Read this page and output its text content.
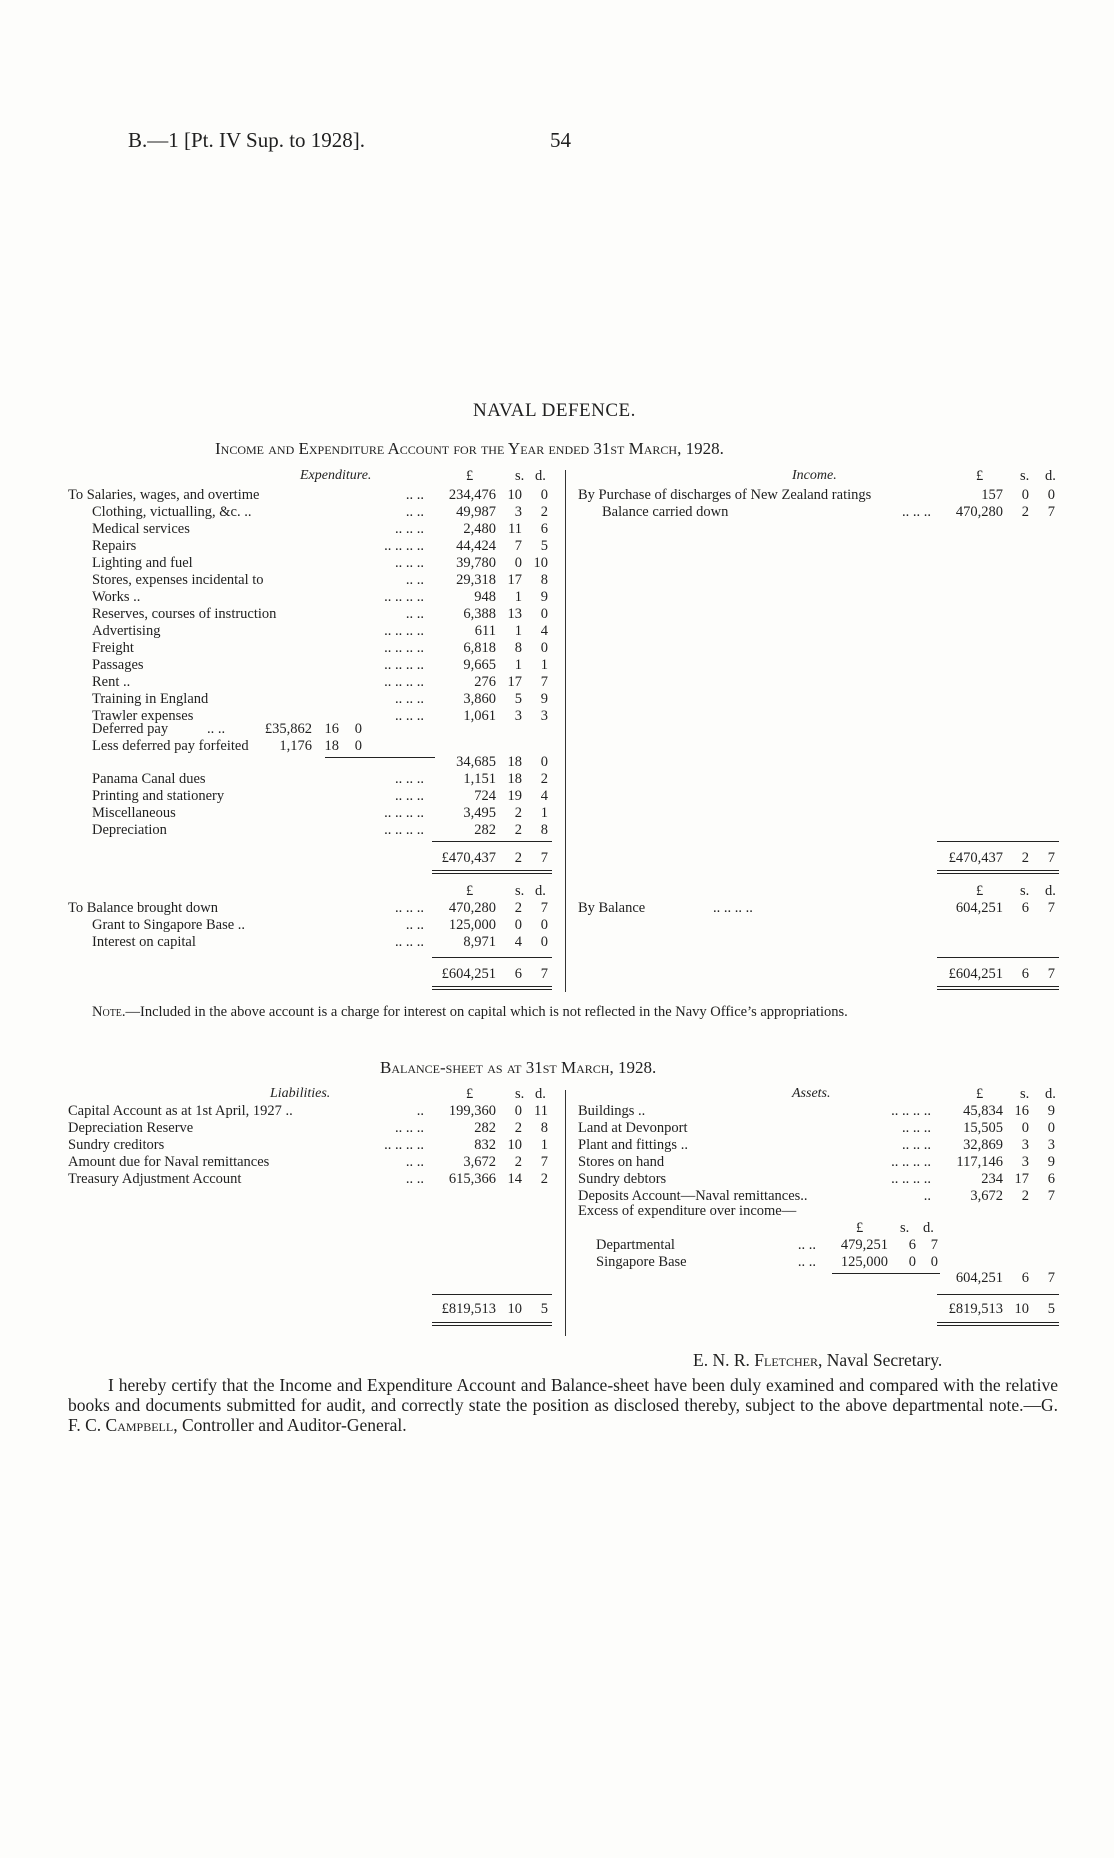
B.—1 [Pt. IV Sup. to 1928].	54
NAVAL DEFENCE.
Income and Expenditure Account for the Year ended 31st March, 1928.
Expenditure.	£	s. d.	Income.	£	s. d.
To Salaries, wages, and overtime	.. .. 234,476 10 0
Clothing, victualling, &c. ..	.. .. 49,987 3 2
Medical services	.. .. ..	2,480 11 6
Repairs	.. .. .. .. 44,424 7 5
Lighting and fuel	.. .. .. 39,780 0 10
Stores, expenses incidental to	.. .. 29,318 17 8
Works ..	.. .. .. ..	948 1 9
Reserves, courses of instruction	.. ..	6,388 13 0
Advertising	.. .. .. ..	611 1 4
Freight	.. .. .. ..	6,818 8 0
Passages	.. .. .. ..	9,665 1 1
Rent ..	.. .. .. ..	276 17 7
Training in England	.. .. ..	3,860 5 9
Trawler expenses	.. .. ..	1,061 3 3
By Purchase of discharges of New Zealand ratings	157 0 0
Balance carried down	.. .. .. 470,280 2 7
Deferred pay	.. ..	£35,862 16 0
Less deferred pay forfeited 1,176 18 0
34,685 18 0
Panama Canal dues	.. .. ..	1,151 18 2
Printing and stationery	.. .. ..	724 19 4
Miscellaneous	.. .. .. ..	3,495 2 1
Depreciation	.. .. .. ..	282 2 8
£470,437 2 7	£470,437 2 7
£	s. d.	£	s. d.
To Balance brought down	.. .. .. 470,280 2 7
Grant to Singapore Base ..	.. .. 125,000 0 0
Interest on capital	.. .. ..	8,971 4 0
By Balance	.. .. .. ..	604,251 6 7
£604,251 6 7	£604,251 6 7
Note.—Included in the above account is a charge for interest on capital which is not reflected in the Navy Office’s appropriations.
Balance-sheet as at 31st March, 1928.
Liabilities.	£	s. d.	Assets.	£	s. d.
Capital Account as at 1st April, 1927 ..	.. 199,360 0 11
Depreciation Reserve	.. .. ..	282 2 8
Sundry creditors	.. .. .. ..	832 10 1
Amount due for Naval remittances	.. ..	3,672 2 7
Treasury Adjustment Account	.. .. 615,366 14 2
Buildings ..	.. .. .. .. 45,834 16 9
Land at Devonport	.. .. .. 15,505 0 0
Plant and fittings ..	.. .. .. 32,869 3 3
Stores on hand	.. .. .. .. 117,146 3 9
Sundry debtors	.. .. .. ..	234 17 6
Deposits Account—Naval remittances..	..	3,672 2 7
Excess of expenditure over income—
£	s. d.
Departmental	.. .. 479,251 6 7
Singapore Base	.. .. 125,000 0 0
604,251 6 7
£819,513 10 5	£819,513 10 5
E. N. R. Fletcher, Naval Secretary.
I hereby certify that the Income and Expenditure Account and Balance-sheet have been duly examined and compared with the relative books and documents submitted for audit, and correctly state the position as disclosed thereby, subject to the above departmental note.—G. F. C. Campbell, Controller and Auditor-General.
